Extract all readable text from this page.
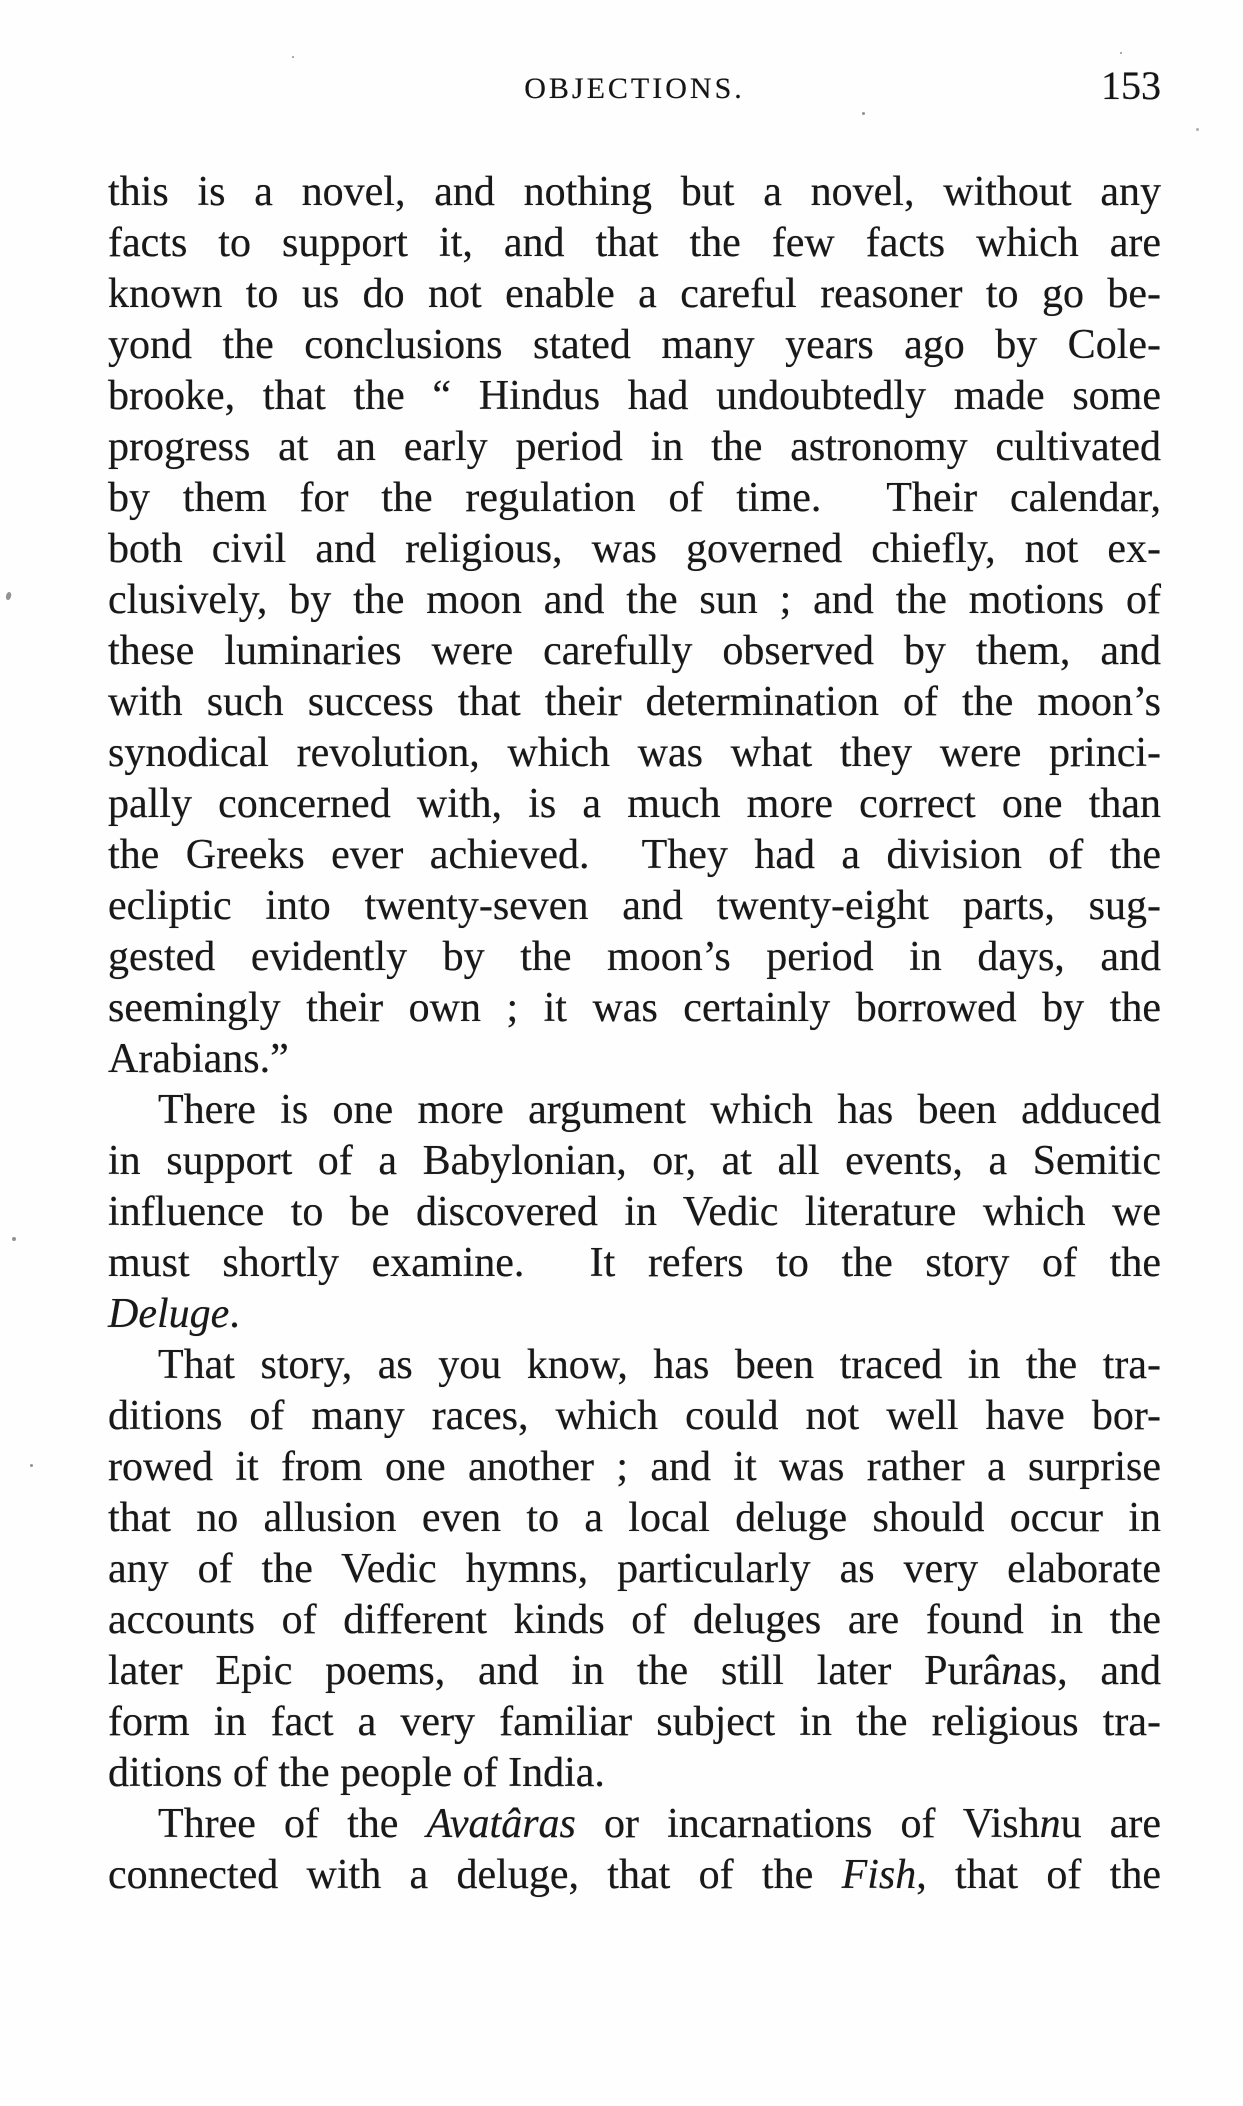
OBJECTIONS.	153
this is a novel, and nothing but a novel, without any
facts to support it, and that the few facts which are
known to us do not enable a careful reasoner to go be-
yond the conclusions stated many years ago by Cole-
brooke, that the “ Hindus had undoubtedly made some
progress at an early period in the astronomy cultivated
by them for the regulation of time.  Their calendar,
both civil and religious, was governed chiefly, not ex-
clusively, by the moon and the sun ; and the motions of
these luminaries were carefully observed by them, and
with such success that their determination of the moon’s
synodical revolution, which was what they were princi-
pally concerned with, is a much more correct one than
the Greeks ever achieved.  They had a division of the
ecliptic into twenty-seven and twenty-eight parts, sug-
gested evidently by the moon’s period in days, and
seemingly their own ; it was certainly borrowed by the
Arabians.”
There is one more argument which has been adduced
in support of a Babylonian, or, at all events, a Semitic
influence to be discovered in Vedic literature which we
must shortly examine.  It refers to the story of the
Deluge.
That story, as you know, has been traced in the tra-
ditions of many races, which could not well have bor-
rowed it from one another ; and it was rather a surprise
that no allusion even to a local deluge should occur in
any of the Vedic hymns, particularly as very elaborate
accounts of different kinds of deluges are found in the
later Epic poems, and in the still later Purânas, and
form in fact a very familiar subject in the religious tra-
ditions of the people of India.
Three of the Avatâras or incarnations of Vishnu are
connected with a deluge, that of the Fish, that of the
